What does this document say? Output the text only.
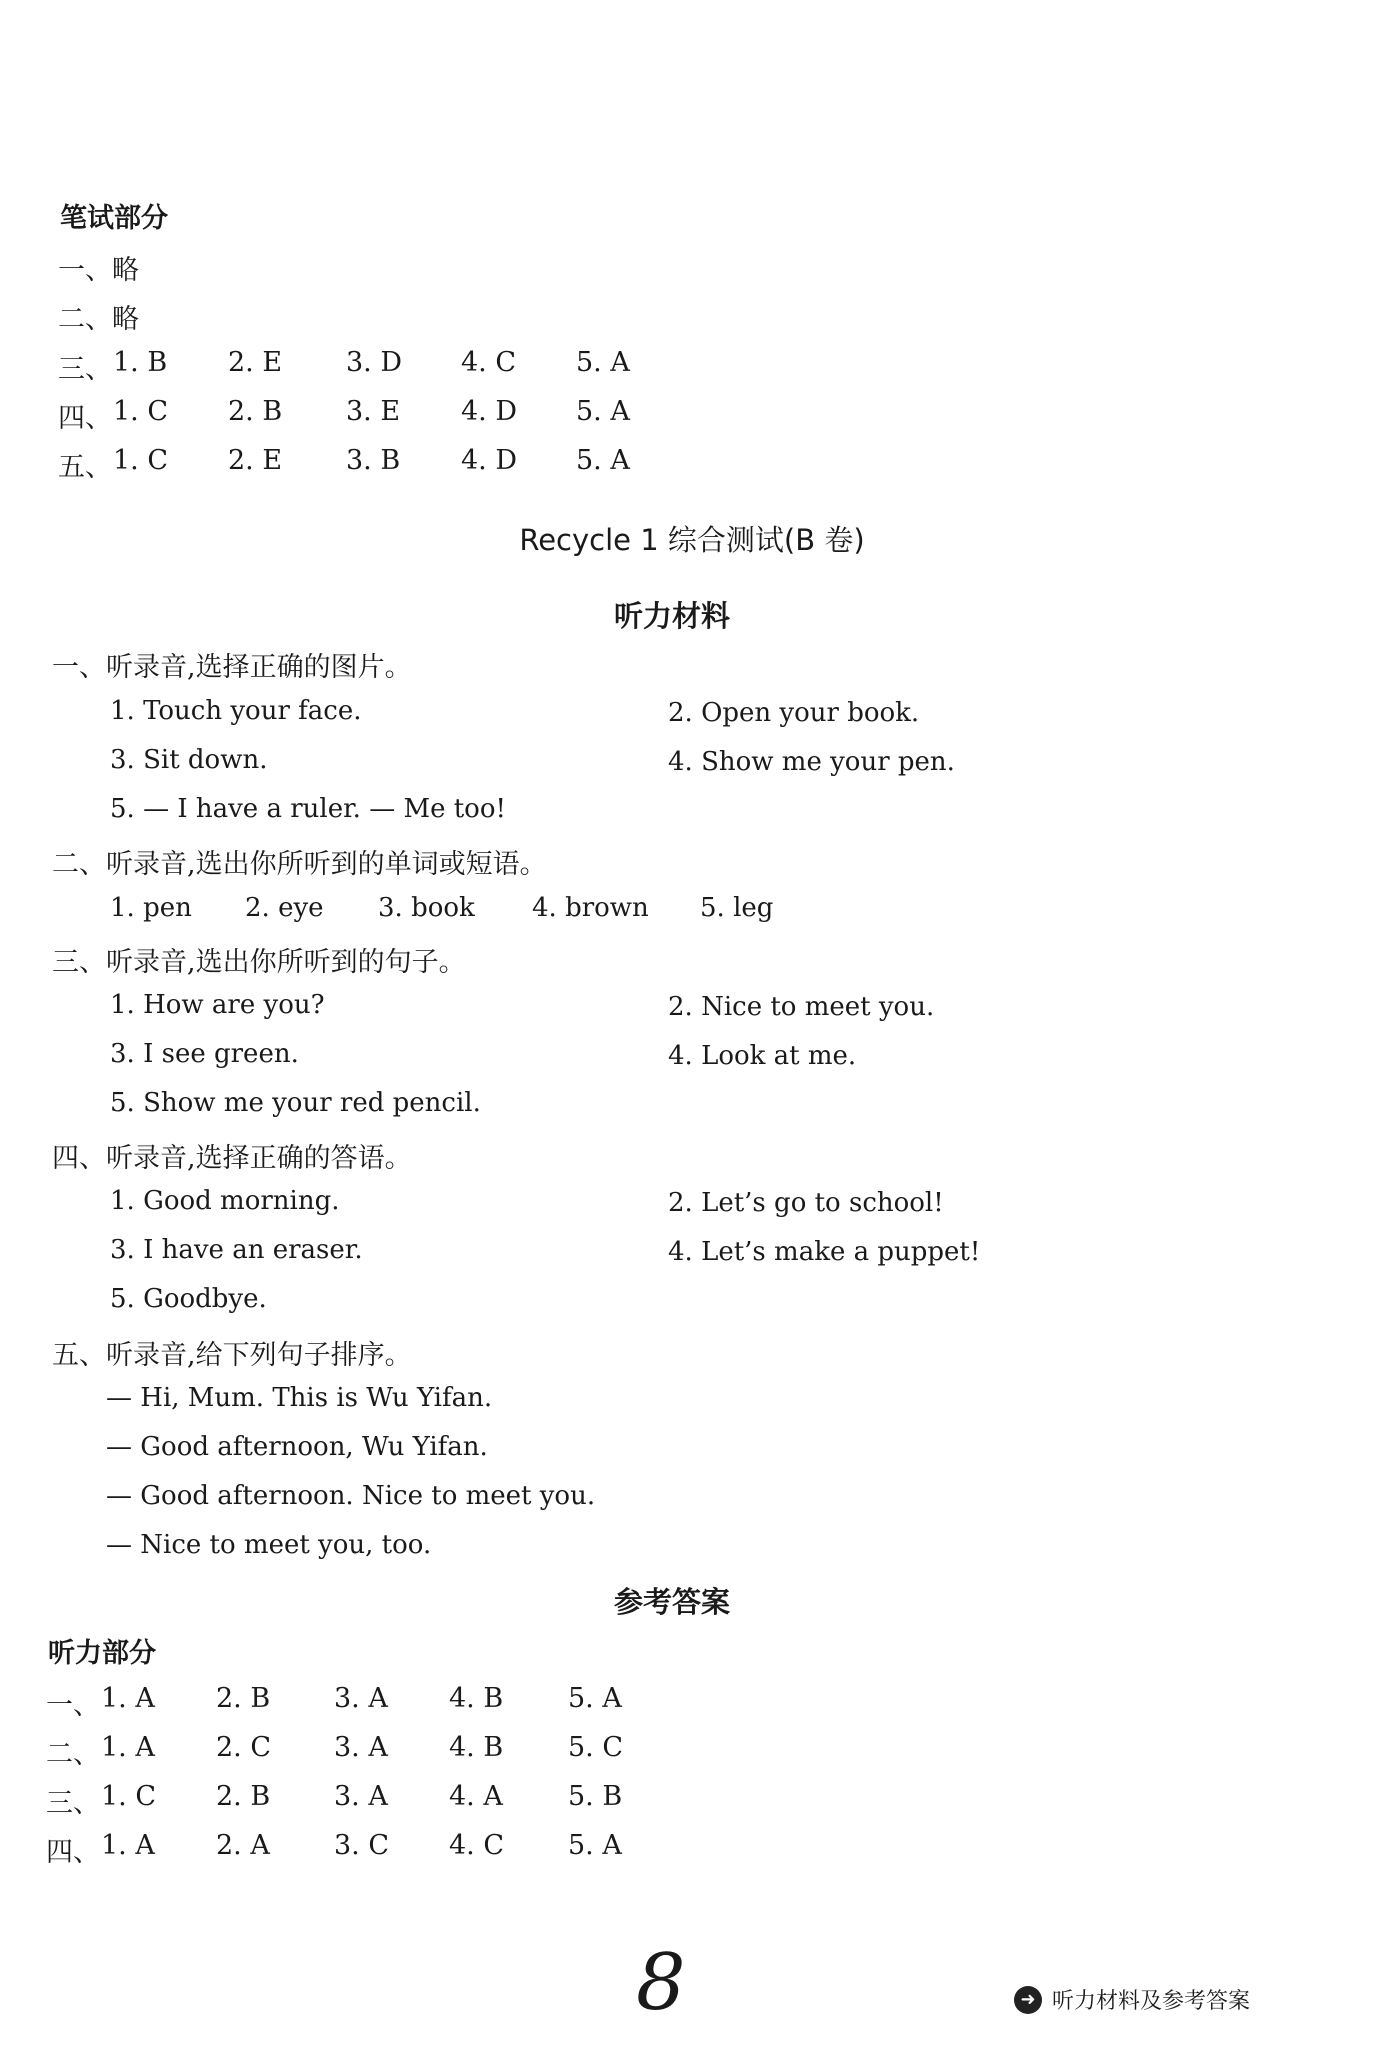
笔试部分
一、略
二、略
三、 1. B 2. E 3. D 4. C 5. A
四、 1. C 2. B 3. E 4. D 5. A
五、 1. C 2. E 3. B 4. D 5. A
Recycle 1 综合测试(B 卷)
听力材料
一、听录音,选择正确的图片。
1. Touch your face.	2. Open your book.
3. Sit down.	4. Show me your pen.
5. — I have a ruler. — Me too!
二、听录音,选出你所听到的单词或短语。
1. pen 2. eye 3. book 4. brown 5. leg
三、听录音,选出你所听到的句子。
1. How are you?	2. Nice to meet you.
3. I see green.	4. Look at me.
5. Show me your red pencil.
四、听录音,选择正确的答语。
1. Good morning.	2. Let’s go to school!
3. I have an eraser.	4. Let’s make a puppet!
5. Goodbye.
五、听录音,给下列句子排序。
— Hi, Mum. This is Wu Yifan.
— Good afternoon, Wu Yifan.
— Good afternoon. Nice to meet you.
— Nice to meet you, too.
参考答案
听力部分
一、 1. A 2. B 3. A 4. B 5. A
二、 1. A 2. C 3. A 4. B 5. C
三、 1. C 2. B 3. A 4. A 5. B
四、 1. A 2. A 3. C 4. C 5. A
8	➜ 听力材料及参考答案
